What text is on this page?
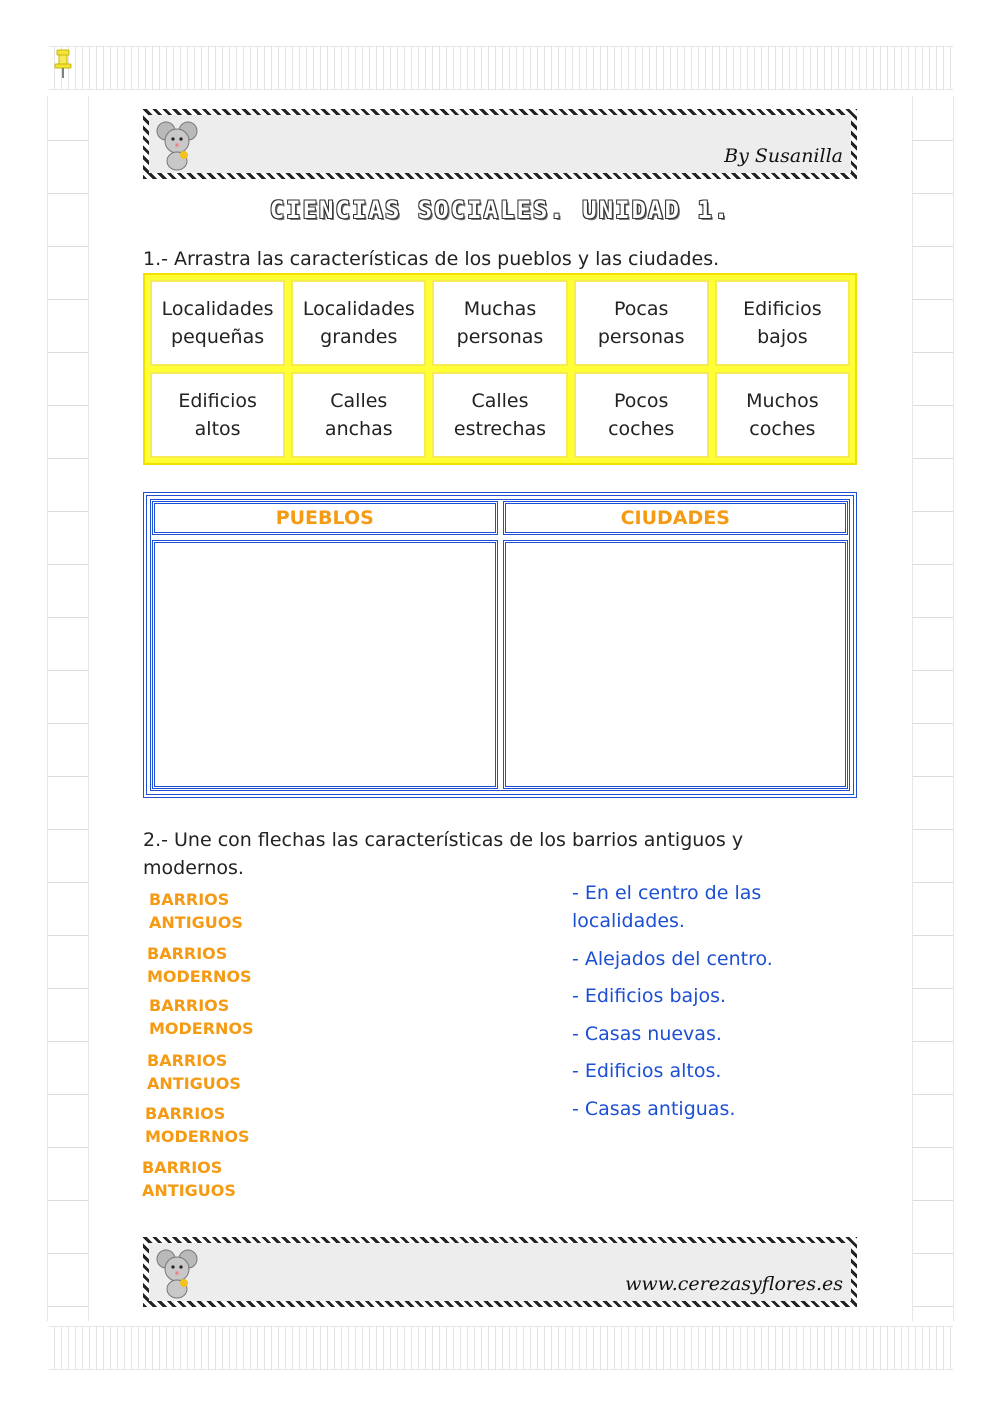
By Susanilla
CIENCIAS SOCIALES. UNIDAD 1.
1.- Arrastra las características de los pueblos y las ciudades.
Localidades
pequeñas
Localidades
grandes
Muchas
personas
Pocas
personas
Edificios
bajos
Edificios
altos
Calles
anchas
Calles
estrechas
Pocos
coches
Muchos
coches
PUEBLOS	CIUDADES
2.- Une con flechas las características de los barrios antiguos y modernos.
BARRIOS
ANTIGUOS
BARRIOS
MODERNOS
BARRIOS
MODERNOS
BARRIOS
ANTIGUOS
BARRIOS
MODERNOS
BARRIOS
ANTIGUOS
- En el centro de las localidades.
- Alejados del centro.
- Edificios bajos.
- Casas nuevas.
- Edificios altos.
- Casas antiguas.
www.cerezasyflores.es
